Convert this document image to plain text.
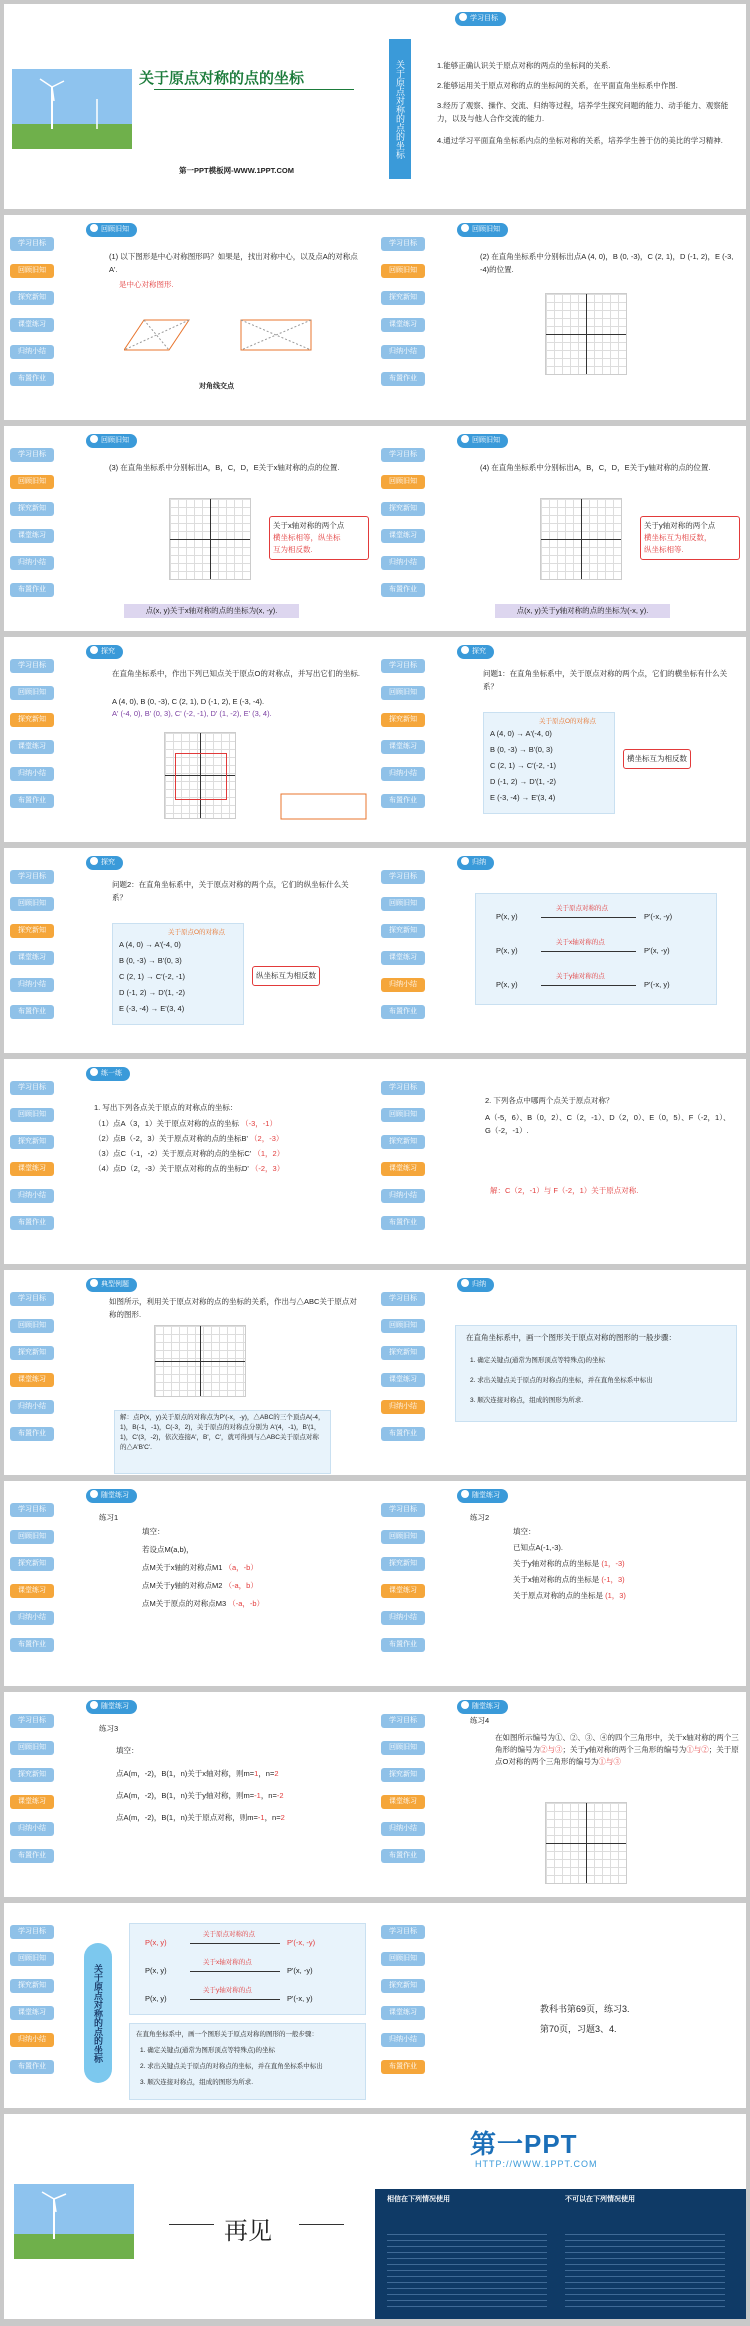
关于原点对称的点的坐标
第一PPT模板网-WWW.1PPT.COM
关于原点对称的点的坐标
学习目标
1.能够正确认识关于原点对称的两点的坐标间的关系.
2.能够运用关于原点对称的点的坐标间的关系，在平面直角坐标系中作图.
3.经历了观察、操作、交流、归纳等过程，培养学生探究问题的能力、动手能力、观察能力，以及与他人合作交流的能力.
4.通过学习平面直角坐标系内点的坐标对称的关系，培养学生善于仿的美比的学习精神.
学习目标
回顾旧知
探究新知
课堂练习
归纳小结
布置作业
回顾旧知
(1) 以下图形是中心对称图形吗？如果是，找出对称中心，以及点A的对称点A'.
是中心对称图形.
对角线交点
学习目标
回顾旧知
探究新知
课堂练习
归纳小结
布置作业
回顾旧知
(2) 在直角坐标系中分别标出点A (4, 0)，B (0, -3)，C (2, 1)，D (-1, 2)，E (-3, -4)的位置.
学习目标
回顾旧知
探究新知
课堂练习
归纳小结
布置作业
回顾旧知
(3) 在直角坐标系中分别标出A，B，C，D，E关于x轴对称的点的位置.
关于x轴对称的两个点
横坐标相等，纵坐标
互为相反数.
点(x, y)关于x轴对称的点的坐标为(x, -y).
学习目标
回顾旧知
探究新知
课堂练习
归纳小结
布置作业
回顾旧知
(4) 在直角坐标系中分别标出A，B，C，D，E关于y轴对称的点的位置.
关于y轴对称的两个点
横坐标互为相反数，
纵坐标相等.
点(x, y)关于y轴对称的点的坐标为(-x, y).
学习目标
回顾旧知
探究新知
课堂练习
归纳小结
布置作业
探究
在直角坐标系中，作出下列已知点关于原点O的对称点，并写出它们的坐标.
A (4, 0), B (0, -3), C (2, 1), D (-1, 2), E (-3, -4).
A' (-4, 0), B' (0, 3), C' (-2, -1), D' (1, -2), E' (3, 4).
学习目标
回顾旧知
探究新知
课堂练习
归纳小结
布置作业
探究
问题1：在直角坐标系中，关于原点对称的两个点，它们的横坐标有什么关系？
关于原点O的对称点
A (4, 0) → A'(-4, 0)
B (0, -3) → B'(0, 3)
C (2, 1) → C'(-2, -1)
D (-1, 2) → D'(1, -2)
E (-3, -4) → E'(3, 4)
横坐标互为相反数
学习目标
回顾旧知
探究新知
课堂练习
归纳小结
布置作业
探究
问题2：在直角坐标系中，关于原点对称的两个点，它们的纵坐标什么关系？
关于原点O的对称点
A (4, 0) → A'(-4, 0)
B (0, -3) → B'(0, 3)
C (2, 1) → C'(-2, -1)
D (-1, 2) → D'(1, -2)
E (-3, -4) → E'(3, 4)
纵坐标互为相反数
学习目标
回顾旧知
探究新知
课堂练习
归纳小结
布置作业
归纳
P(x, y)
关于原点对称的点
P'(-x, -y)
P(x, y)
关于x轴对称的点
P'(x, -y)
P(x, y)
关于y轴对称的点
P'(-x, y)
学习目标
回顾旧知
探究新知
课堂练习
归纳小结
布置作业
练一练
1. 写出下列各点关于原点的对称点的坐标：
（1）点A（3，1）关于原点对称的点的坐标 （-3，-1）
（2）点B（-2，3）关于原点对称的点的坐标B' （2，-3）
（3）点C（-1，-2）关于原点对称的点的坐标C' （1，2）
（4）点D（2，-3）关于原点对称的点的坐标D' （-2，3）
学习目标
回顾旧知
探究新知
课堂练习
归纳小结
布置作业
2. 下列各点中哪两个点关于原点对称？
A（-5，6）、B（0，2）、C（2，-1）、D（2，0）、E（0，5）、F（-2，1）、G（-2，-1）.
解：C（2，-1）与 F（-2，1）关于原点对称.
学习目标
回顾旧知
探究新知
课堂练习
归纳小结
布置作业
典型例题
如图所示，利用关于原点对称的点的坐标的关系，作出与△ABC关于原点对称的图形.
解：点P(x，y)关于原点的对称点为P'(-x，-y)，△ABC的三个顶点A(-4，1)，B(-1，-1)，C(-3，2)，关于原点的对称点分别为 A'(4，-1)，B'(1，1)，C'(3，-2)，依次连接A'，B'，C'，就可得到与△ABC关于原点对称的△A'B'C'.
学习目标
回顾旧知
探究新知
课堂练习
归纳小结
布置作业
归纳
在直角坐标系中，画一个图形关于原点对称的图形的一般步骤：
1. 确定关键点(通常为图形顶点等特殊点)的坐标
2. 求出关键点关于原点的对称点的坐标，并在直角坐标系中标出
3. 顺次连接对称点，组成的图形为所求.
学习目标
回顾旧知
探究新知
课堂练习
归纳小结
布置作业
随堂练习
练习1
填空：
若设点M(a,b)，
点M关于x轴的对称点M1 （a，-b）
点M关于y轴的对称点M2 （-a，b）
点M关于原点的对称点M3 （-a，-b）
学习目标
回顾旧知
探究新知
课堂练习
归纳小结
布置作业
随堂练习
练习2
填空：
已知点A(-1,-3).
关于y轴对称的点的坐标是 (1，-3)
关于x轴对称的点的坐标是 (-1，3)
关于原点对称的点的坐标是 (1，3)
学习目标
回顾旧知
探究新知
课堂练习
归纳小结
布置作业
随堂练习
练习3
填空：
点A(m，-2)，B(1，n)关于x轴对称，则m=1，n=2
点A(m，-2)，B(1，n)关于y轴对称，则m=-1，n=-2
点A(m，-2)，B(1，n)关于原点对称，则m=-1，n=2
学习目标
回顾旧知
探究新知
课堂练习
归纳小结
布置作业
随堂练习
练习4
在如图所示编号为①、②、③、④的四个三角形中，关于x轴对称的两个三角形的编号为②与③；关于y轴对称的两个三角形的编号为①与②；关于原点O对称的两个三角形的编号为①与③
学习目标
回顾旧知
探究新知
课堂练习
归纳小结
布置作业
关于原点对称的点的坐标
P(x, y)
关于原点对称的点
P'(-x, -y)
P(x, y)
关于x轴对称的点
P'(x, -y)
P(x, y)
关于y轴对称的点
P'(-x, y)
在直角坐标系中，画一个图形关于原点对称的图形的一般步骤：
1. 确定关键点(通常为图形顶点等特殊点)的坐标
2. 求出关键点关于原点的对称点的坐标，并在直角坐标系中标出
3. 顺次连接对称点，组成的图形为所求.
学习目标
回顾旧知
探究新知
课堂练习
归纳小结
布置作业
教科书第69页，练习3.
第70页，习题3、4.
再见
第一PPT
HTTP://WWW.1PPT.COM
相信在下列情况使用	不可以在下列情况使用
